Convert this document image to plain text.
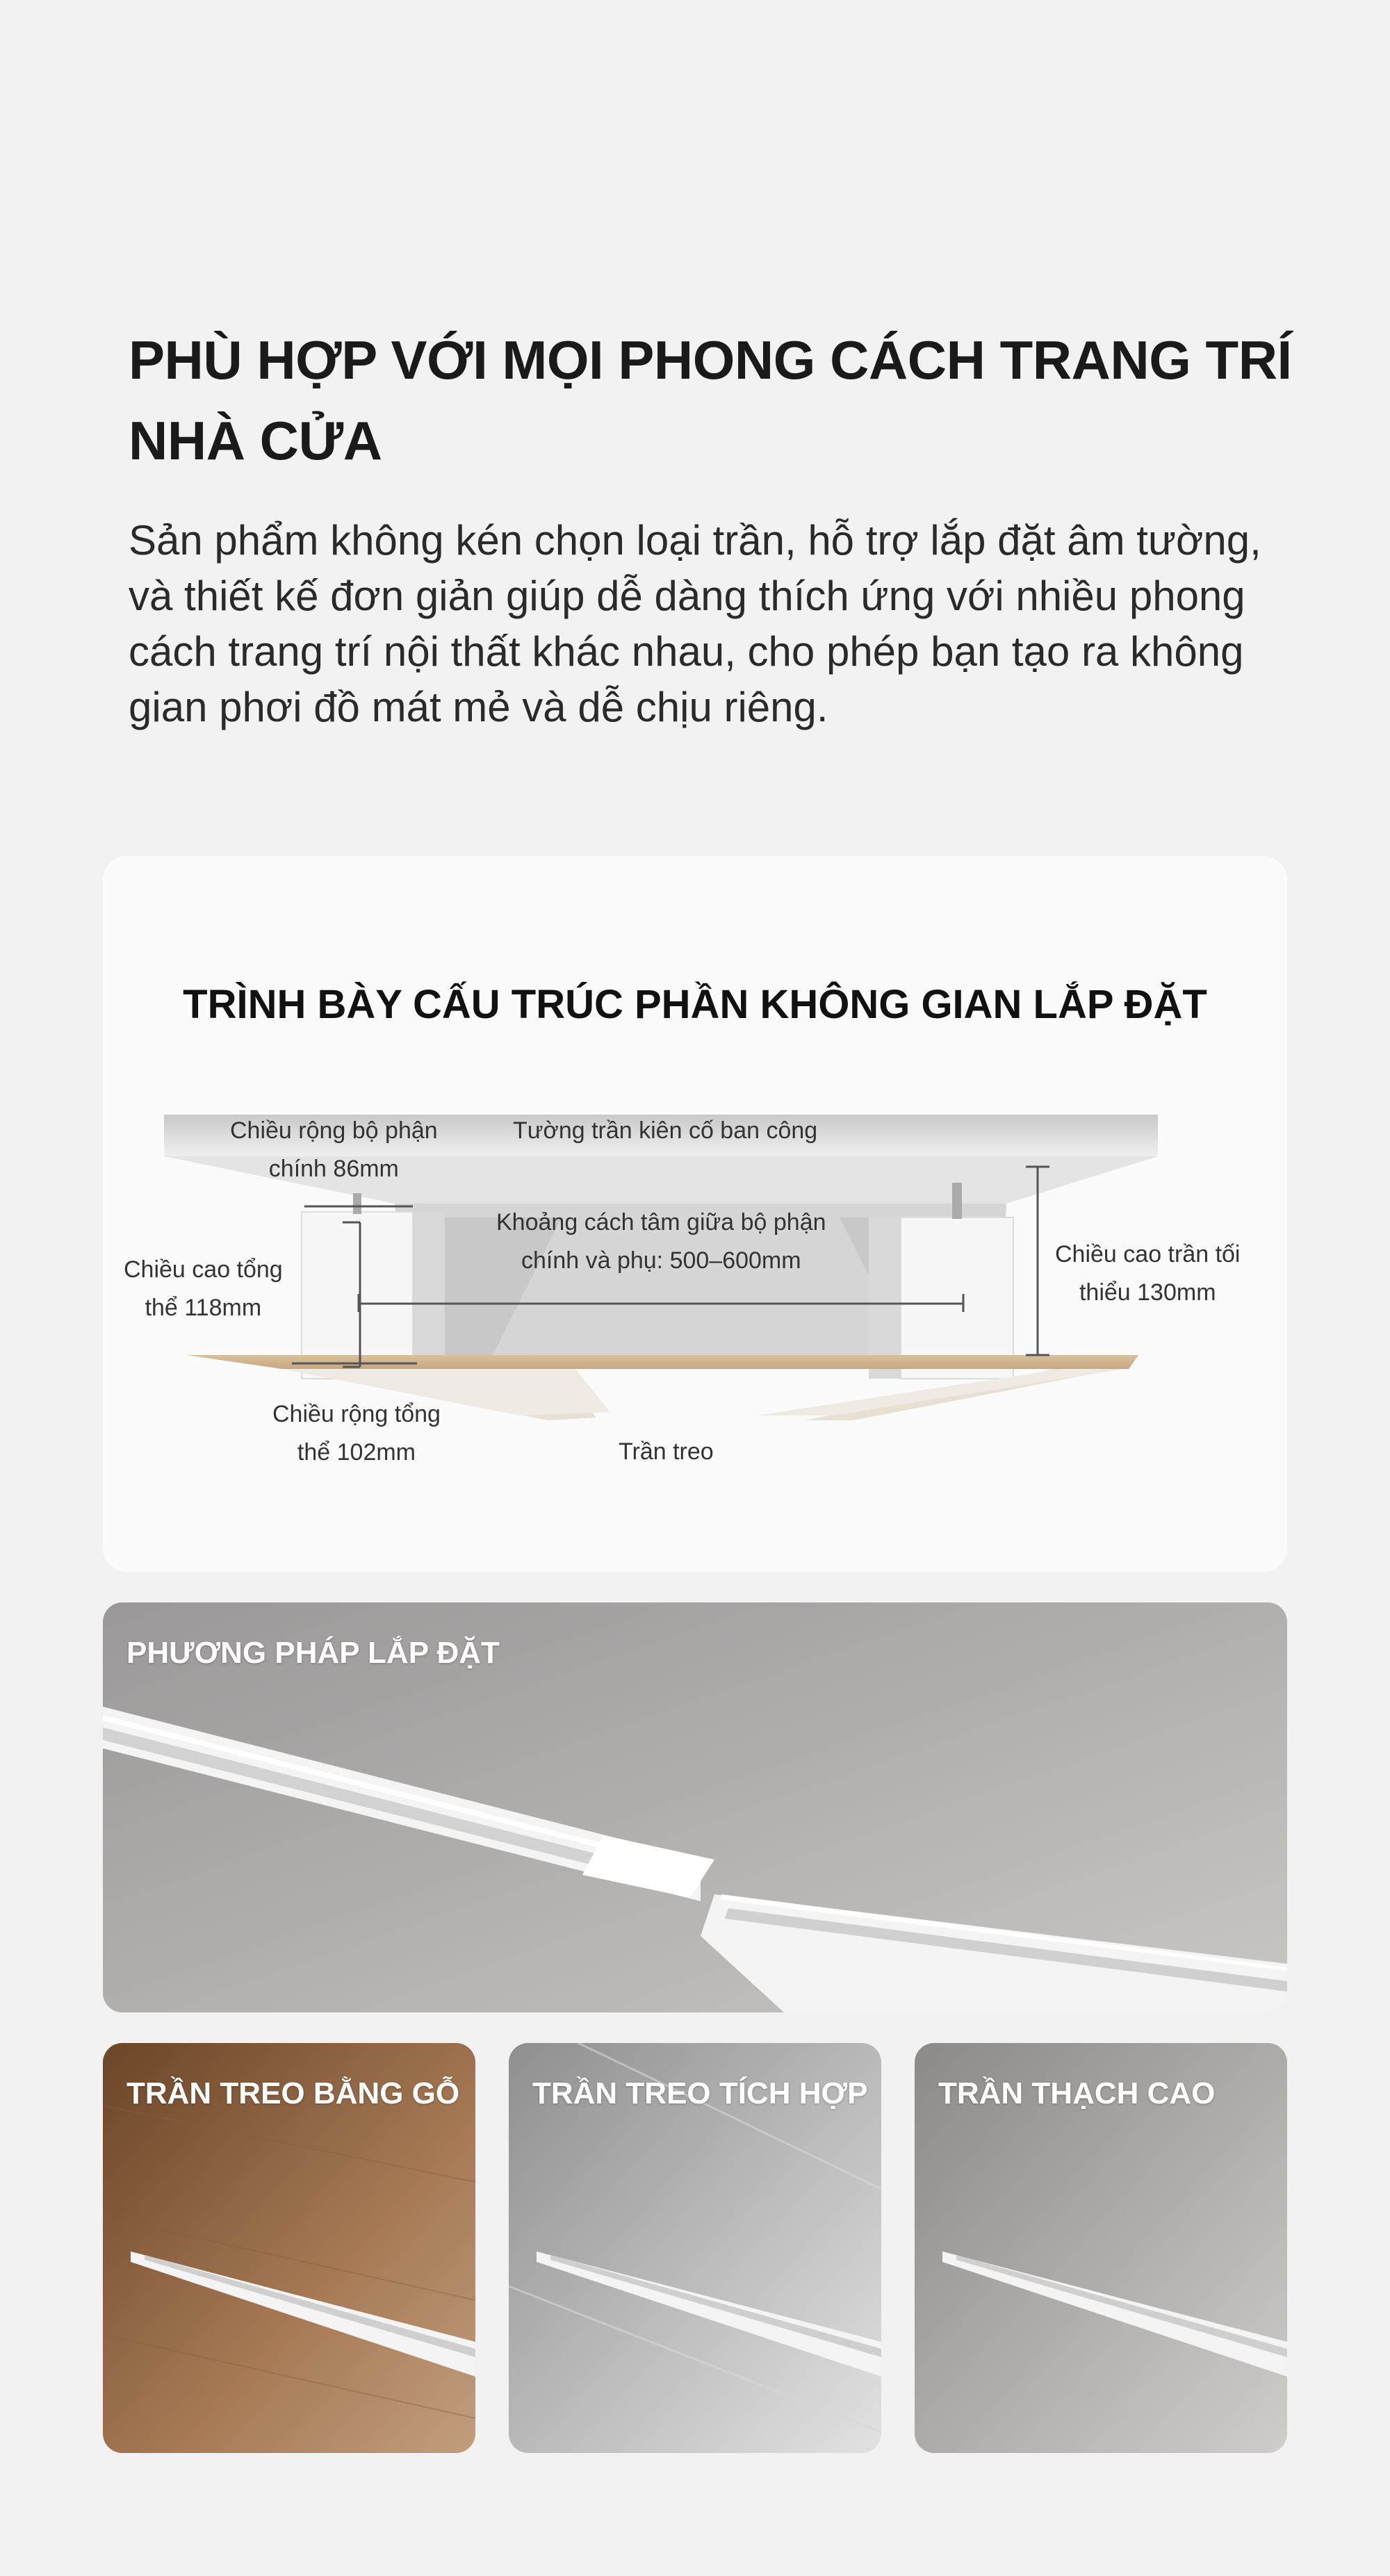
PHÙ HỢP VỚI MỌI PHONG CÁCH TRANG TRÍ
NHÀ CỬA

Sản phẩm không kén chọn loại trần, hỗ trợ lắp đặt âm tường, và thiết kế đơn giản giúp dễ dàng thích ứng với nhiều phong cách trang trí nội thất khác nhau, cho phép bạn tạo ra không gian phơi đồ mát mẻ và dễ chịu riêng.

TRÌNH BÀY CẤU TRÚC PHẦN KHÔNG GIAN LẮP ĐẶT
Chiều rộng bộ phận
chính 86mm
Tường trần kiên cố ban công
Khoảng cách tâm giữa bộ phận
chính và phụ: 500–600mm
Chiều cao tổng
thể 118mm
Chiều cao trần tối
thiểu 130mm
Chiều rộng tổng
thể 102mm	Trần treo

PHƯƠNG PHÁP LẮP ĐẶT

TRẦN TREO BẰNG GỖ TRẦN TREO TÍCH HỢP TRẦN THẠCH CAO
